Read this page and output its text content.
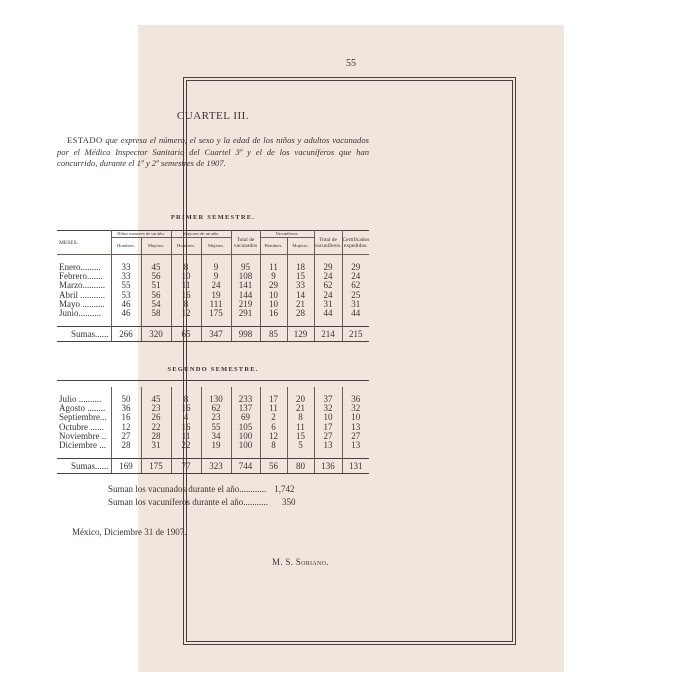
55
CUARTEL III.
ESTADO que expresa el número, el sexo y la edad de los niños y adultos vacunados por el Médico Inspector Sanitario del Cuartel 3º y el de los vacuníferos que han concurrido, durante el 1º y 2º semestres de 1907.
PRIMER SEMESTRE.
MESES.	Niños menores de un año.		Mayores de un año.		Total de vacunados	Vacuníferos.		Total de vacuníferos.	Certificados expedidos.
	Hombres.	Mujeres.	Hombres.	Mujeres.		Hombres.	Mujeres.		

Enero.........	33	45	8	9	95	11	18	29	29
Febrero.......	33	56	10	9	108	9	15	24	24
Marzo..........	55	51	11	24	141	29	33	62	62
Abril ...........	53	56	16	19	144	10	14	24	25
Mayo ..........	46	54	8	111	219	10	21	31	31
Junio..........	46	58	12	175	291	16	28	44	44

Sumas......	266	320	65	347	998	85	129	214	215
SEGUNDO SEMESTRE.

Julio ..........	50	45	8	130	233	17	20	37	36
Agosto ........	36	23	16	62	137	11	21	32	32
Septiembre...	16	26	4	23	69	2	8	10	10
Octubre ......	12	22	16	55	105	6	11	17	13
Noviembre ..	27	28	11	34	100	12	15	27	27
Diciembre ...	28	31	22	19	100	8	5	13	13

Sumas......	169	175	77	323	744	56	80	136	131
Suman los vacunados durante el año............ 1,742
Suman los vacuníferos durante el año........... 350
México, Diciembre 31 de 1907.
M. S. Soriano.
